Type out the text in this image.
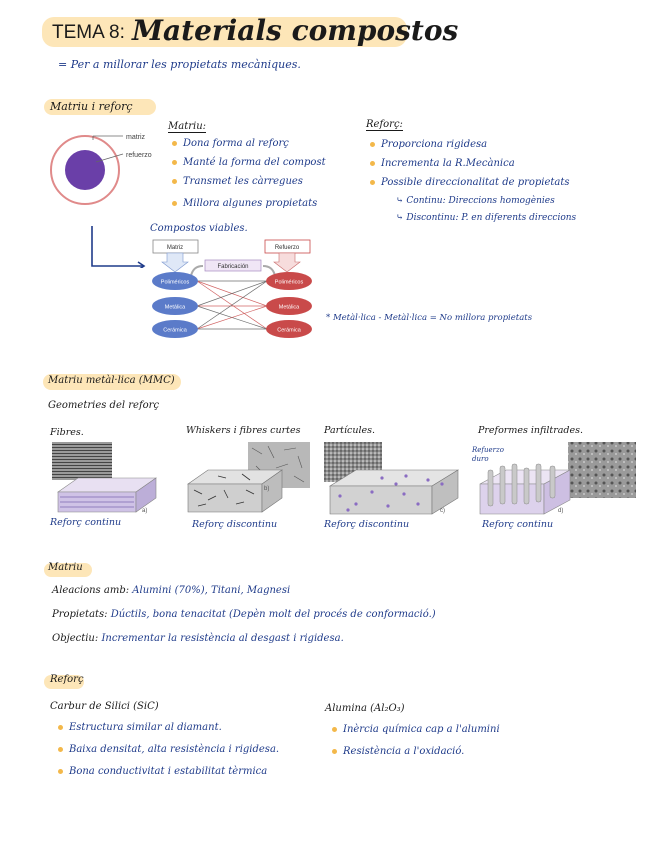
TEMA 8: Materials compostos
= Per a millorar les propietats mecàniques.
Matriu i reforç
matriz
refuerzo
Matriu:
Dona forma al reforç
Manté la forma del compost
Transmet les càrregues
Millora algunes propietats
Reforç:
Proporciona rigidesa
Incrementa la R.Mecànica
Possible direccionalitat de propietats
⤷ Continu: Direccions homogènies
⤷ Discontinu: P. en diferents direccions
Compostos viables.
Matriz	Refuerzo
Fabricación
Poliméricos
Metálica
Cerámica
Poliméricos
Metálica
Cerámica
* Metàl·lica - Metàl·lica = No millora propietats
Matriu metàl·lica (MMC)
Geometries del reforç
Fibres.	Whiskers i fibres curtes Partícules.	Preformes infiltrades.
a)
b)
c)	d)
Refuerzo duro
Reforç continu	Reforç discontinu	Reforç discontinu	Reforç continu
Matriu
Aleacions amb: Alumini (70%), Titani, Magnesi
Propietats: Dúctils, bona tenacitat (Depèn molt del procés de conformació.)
Objectiu: Incrementar la resistència al desgast i rigidesa.
Reforç
Carbur de Silici (SiC)
Estructura similar al diamant.
Baixa densitat, alta resistència i rigidesa.
Bona conductivitat i estabilitat tèrmica
Alumina (Al₂O₃)
Inèrcia química cap a l'alumini
Resistència a l'oxidació.
